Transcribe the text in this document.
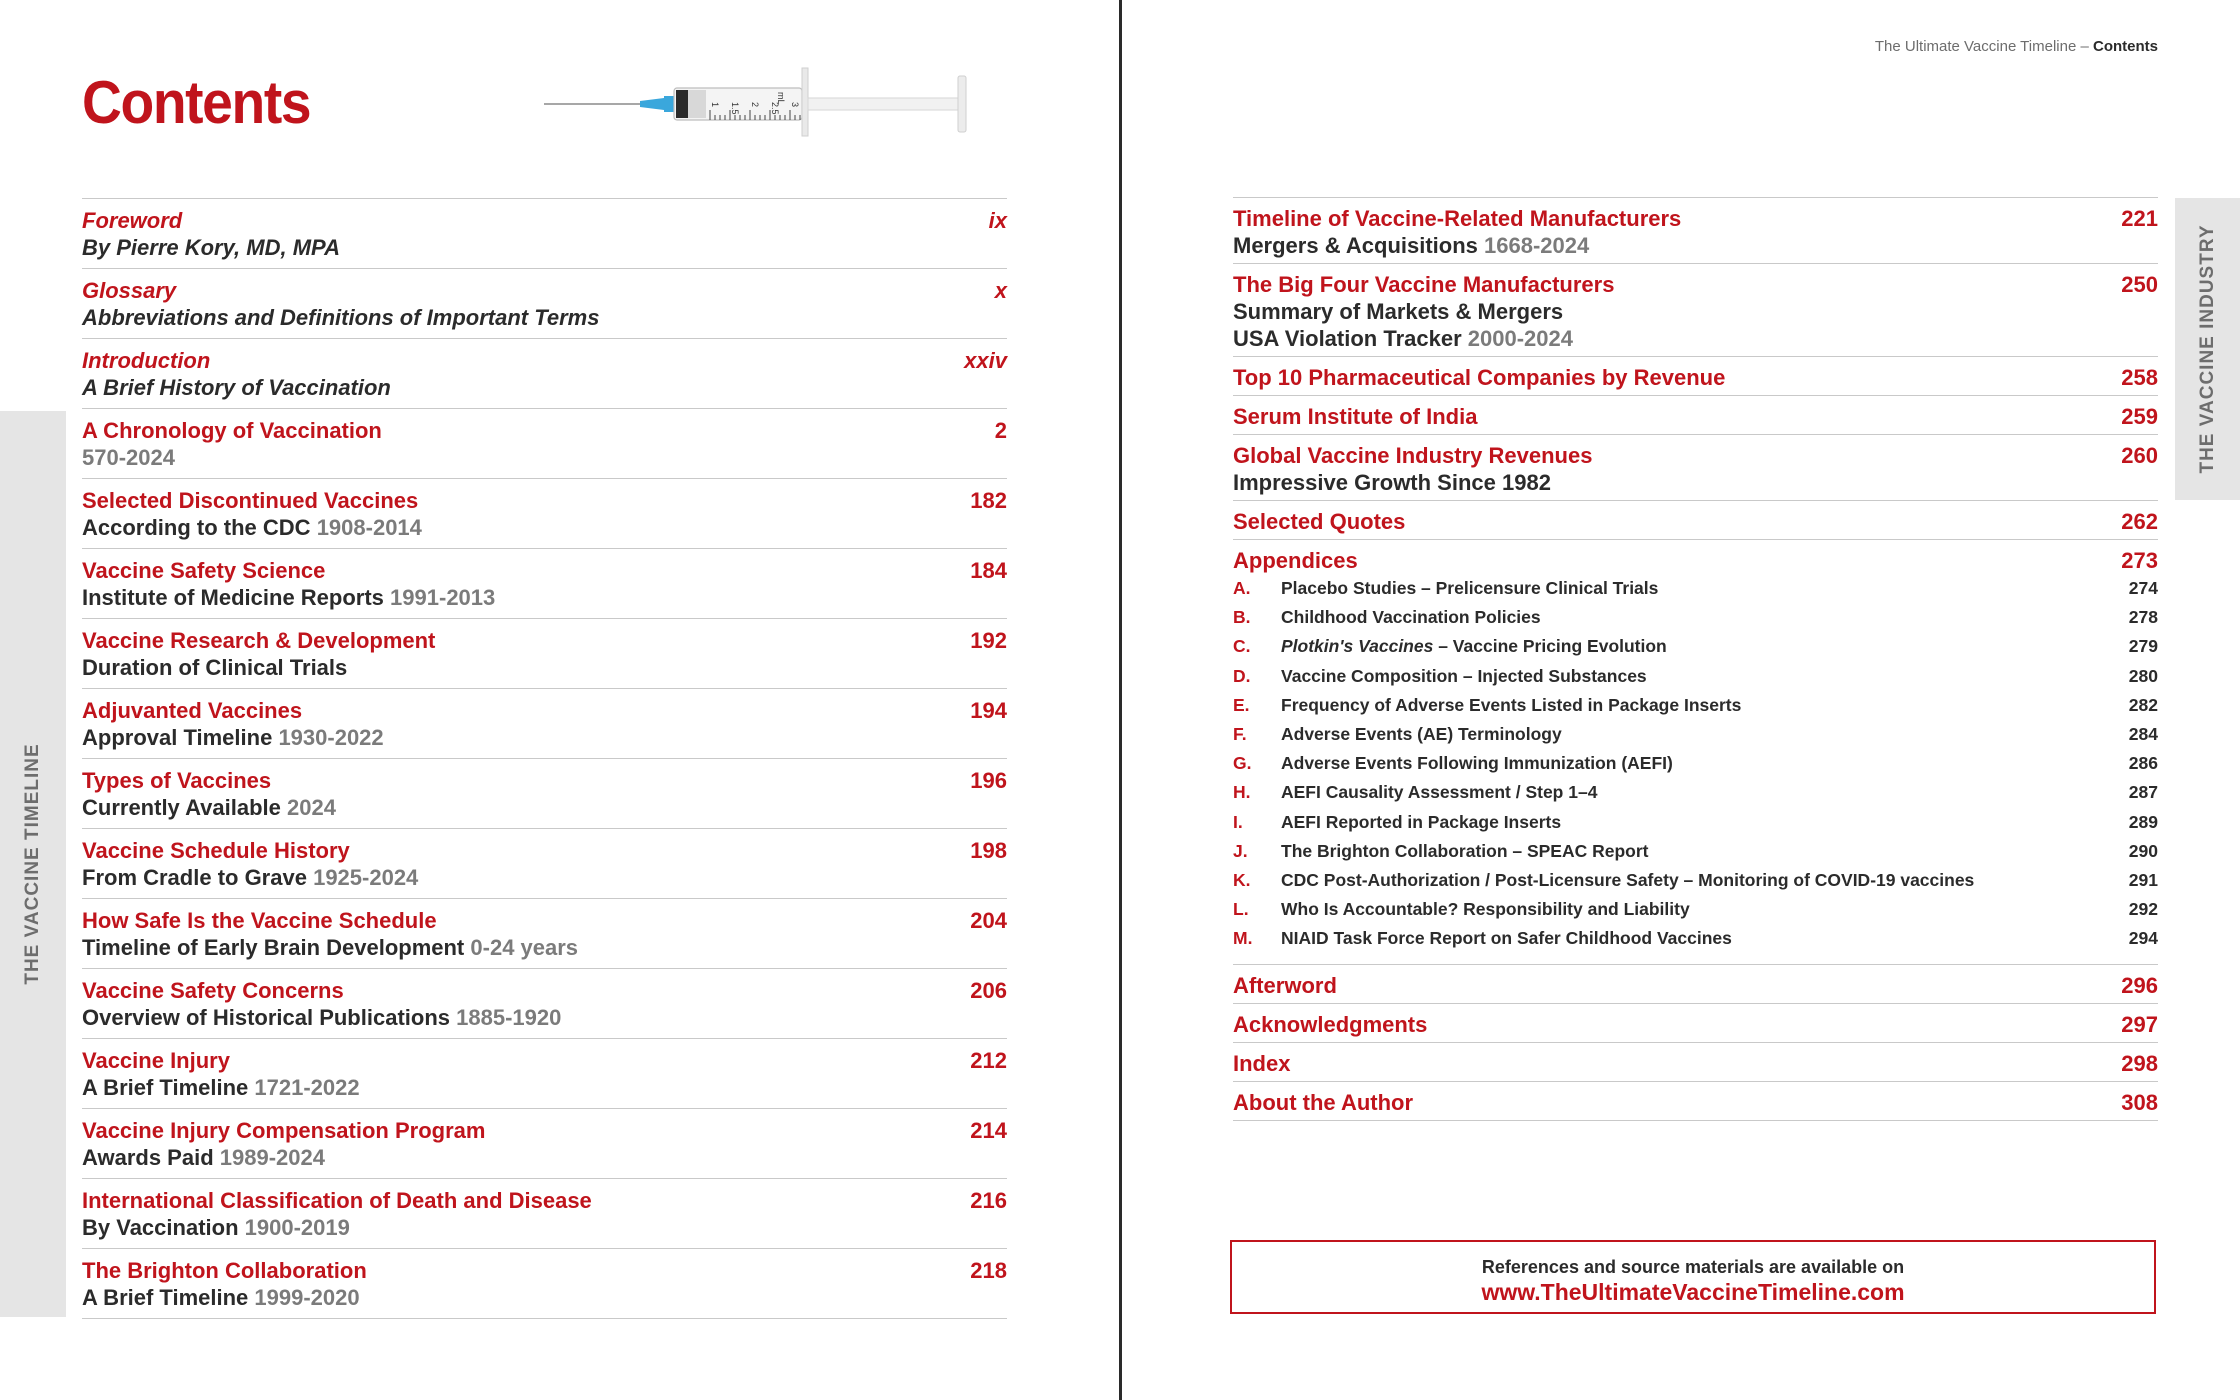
THE VACCINE TIMELINE
Contents	1 1.5 2 2.5 3
mL
Foreword
By Pierre Kory, MD, MPA
ix
Glossary
Abbreviations and Definitions of Important Terms
x
Introduction
A Brief History of Vaccination
xxiv
A Chronology of Vaccination
570-2024
2
Selected Discontinued Vaccines
According to the CDC 1908-2014
182
Vaccine Safety Science
Institute of Medicine Reports 1991-2013
184
Vaccine Research & Development
Duration of Clinical Trials
192
Adjuvanted Vaccines
Approval Timeline 1930-2022
194
Types of Vaccines
Currently Available 2024
196
Vaccine Schedule History
From Cradle to Grave 1925-2024
198
How Safe Is the Vaccine Schedule
Timeline of Early Brain Development 0-24 years
204
Vaccine Safety Concerns
Overview of Historical Publications 1885-1920
206
Vaccine Injury
A Brief Timeline 1721-2022
212
Vaccine Injury Compensation Program
Awards Paid 1989-2024
214
International Classification of Death and Disease
By Vaccination 1900-2019
216
The Brighton Collaboration
A Brief Timeline 1999-2020
218
The Ultimate Vaccine Timeline – Contents
THE VACCINE INDUSTRY
Timeline of Vaccine-Related Manufacturers
Mergers & Acquisitions 1668-2024
221
The Big Four Vaccine Manufacturers
Summary of Markets & Mergers
USA Violation Tracker 2000-2024
250
Top 10 Pharmaceutical Companies by Revenue	258
Serum Institute of India	259
Global Vaccine Industry Revenues
Impressive Growth Since 1982
260
Selected Quotes	262
Appendices	273
A. Placebo Studies – Prelicensure Clinical Trials	274
B. Childhood Vaccination Policies	278
C. Plotkin's Vaccines – Vaccine Pricing Evolution	279
D. Vaccine Composition – Injected Substances	280
E. Frequency of Adverse Events Listed in Package Inserts	282
F. Adverse Events (AE) Terminology	284
G. Adverse Events Following Immunization (AEFI)	286
H. AEFI Causality Assessment / Step 1–4	287
I. AEFI Reported in Package Inserts	289
J. The Brighton Collaboration – SPEAC Report	290
K. CDC Post-Authorization / Post-Licensure Safety – Monitoring of COVID-19 vaccines	291
L. Who Is Accountable? Responsibility and Liability	292
M. NIAID Task Force Report on Safer Childhood Vaccines	294
Afterword	296
Acknowledgments	297
Index	298
About the Author	308
References and source materials are available on
www.TheUltimateVaccineTimeline.com
